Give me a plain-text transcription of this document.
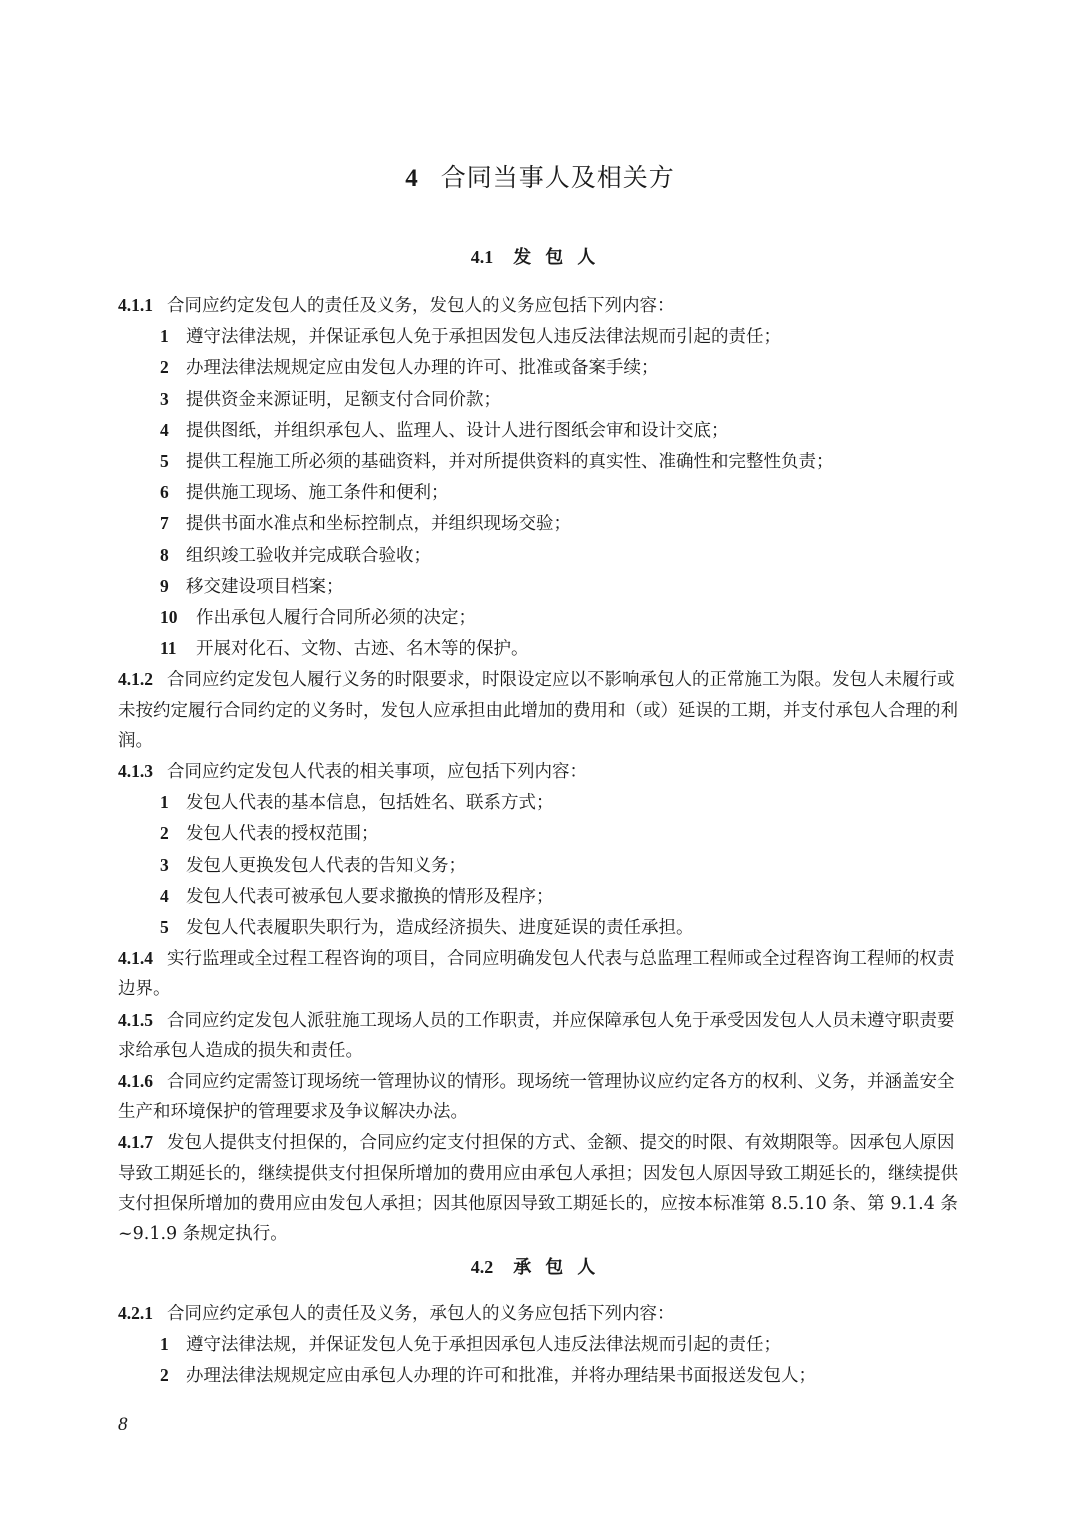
4 合同当事人及相关方
4.1 发包人

4.1.1 合同应约定发包人的责任及义务，发包人的义务应包括下列内容：

1 遵守法律法规，并保证承包人免于承担因发包人违反法律法规而引起的责任；

2 办理法律法规规定应由发包人办理的许可、批准或备案手续；

3 提供资金来源证明，足额支付合同价款；

4 提供图纸，并组织承包人、监理人、设计人进行图纸会审和设计交底；

5 提供工程施工所必须的基础资料，并对所提供资料的真实性、准确性和完整性负责；

6 提供施工现场、施工条件和便利；

7 提供书面水准点和坐标控制点，并组织现场交验；

8 组织竣工验收并完成联合验收；

9 移交建设项目档案；

10 作出承包人履行合同所必须的决定；

11 开展对化石、文物、古迹、名木等的保护。

4.1.2 合同应约定发包人履行义务的时限要求，时限设定应以不影响承包人的正常施工为限。发包人未履行或未按约定履行合同约定的义务时，发包人应承担由此增加的费用和（或）延误的工期，并支付承包人合理的利润。

4.1.3 合同应约定发包人代表的相关事项，应包括下列内容：

1 发包人代表的基本信息，包括姓名、联系方式；

2 发包人代表的授权范围；

3 发包人更换发包人代表的告知义务；

4 发包人代表可被承包人要求撤换的情形及程序；

5 发包人代表履职失职行为，造成经济损失、进度延误的责任承担。

4.1.4 实行监理或全过程工程咨询的项目，合同应明确发包人代表与总监理工程师或全过程咨询工程师的权责边界。

4.1.5 合同应约定发包人派驻施工现场人员的工作职责，并应保障承包人免于承受因发包人人员未遵守职责要求给承包人造成的损失和责任。

4.1.6 合同应约定需签订现场统一管理协议的情形。现场统一管理协议应约定各方的权利、义务，并涵盖安全生产和环境保护的管理要求及争议解决办法。

4.1.7 发包人提供支付担保的，合同应约定支付担保的方式、金额、提交的时限、有效期限等。因承包人原因导致工期延长的，继续提供支付担保所增加的费用应由承包人承担；因发包人原因导致工期延长的，继续提供支付担保所增加的费用应由发包人承担；因其他原因导致工期延长的，应按本标准第 8.5.10 条、第 9.1.4 条~9.1.9 条规定执行。

4.2 承包人

4.2.1 合同应约定承包人的责任及义务，承包人的义务应包括下列内容：

1 遵守法律法规，并保证发包人免于承担因承包人违反法律法规而引起的责任；

2 办理法律法规规定应由承包人办理的许可和批准，并将办理结果书面报送发包人；

8
